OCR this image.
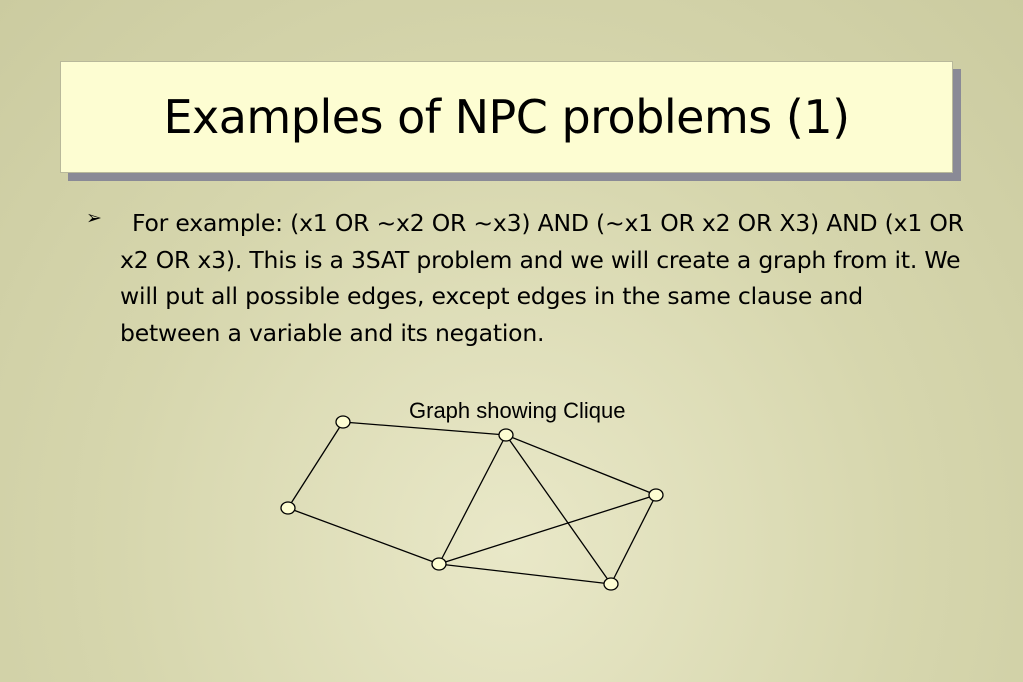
Examples of NPC problems (1)
➢	For example: (x1 OR ~x2 OR ~x3) AND (~x1 OR x2 OR X3) AND (x1 OR x2 OR x3). This is a 3SAT problem and we will create a graph from it. We will put all possible edges, except edges in the same clause and between a variable and its negation.
Graph showing Clique
